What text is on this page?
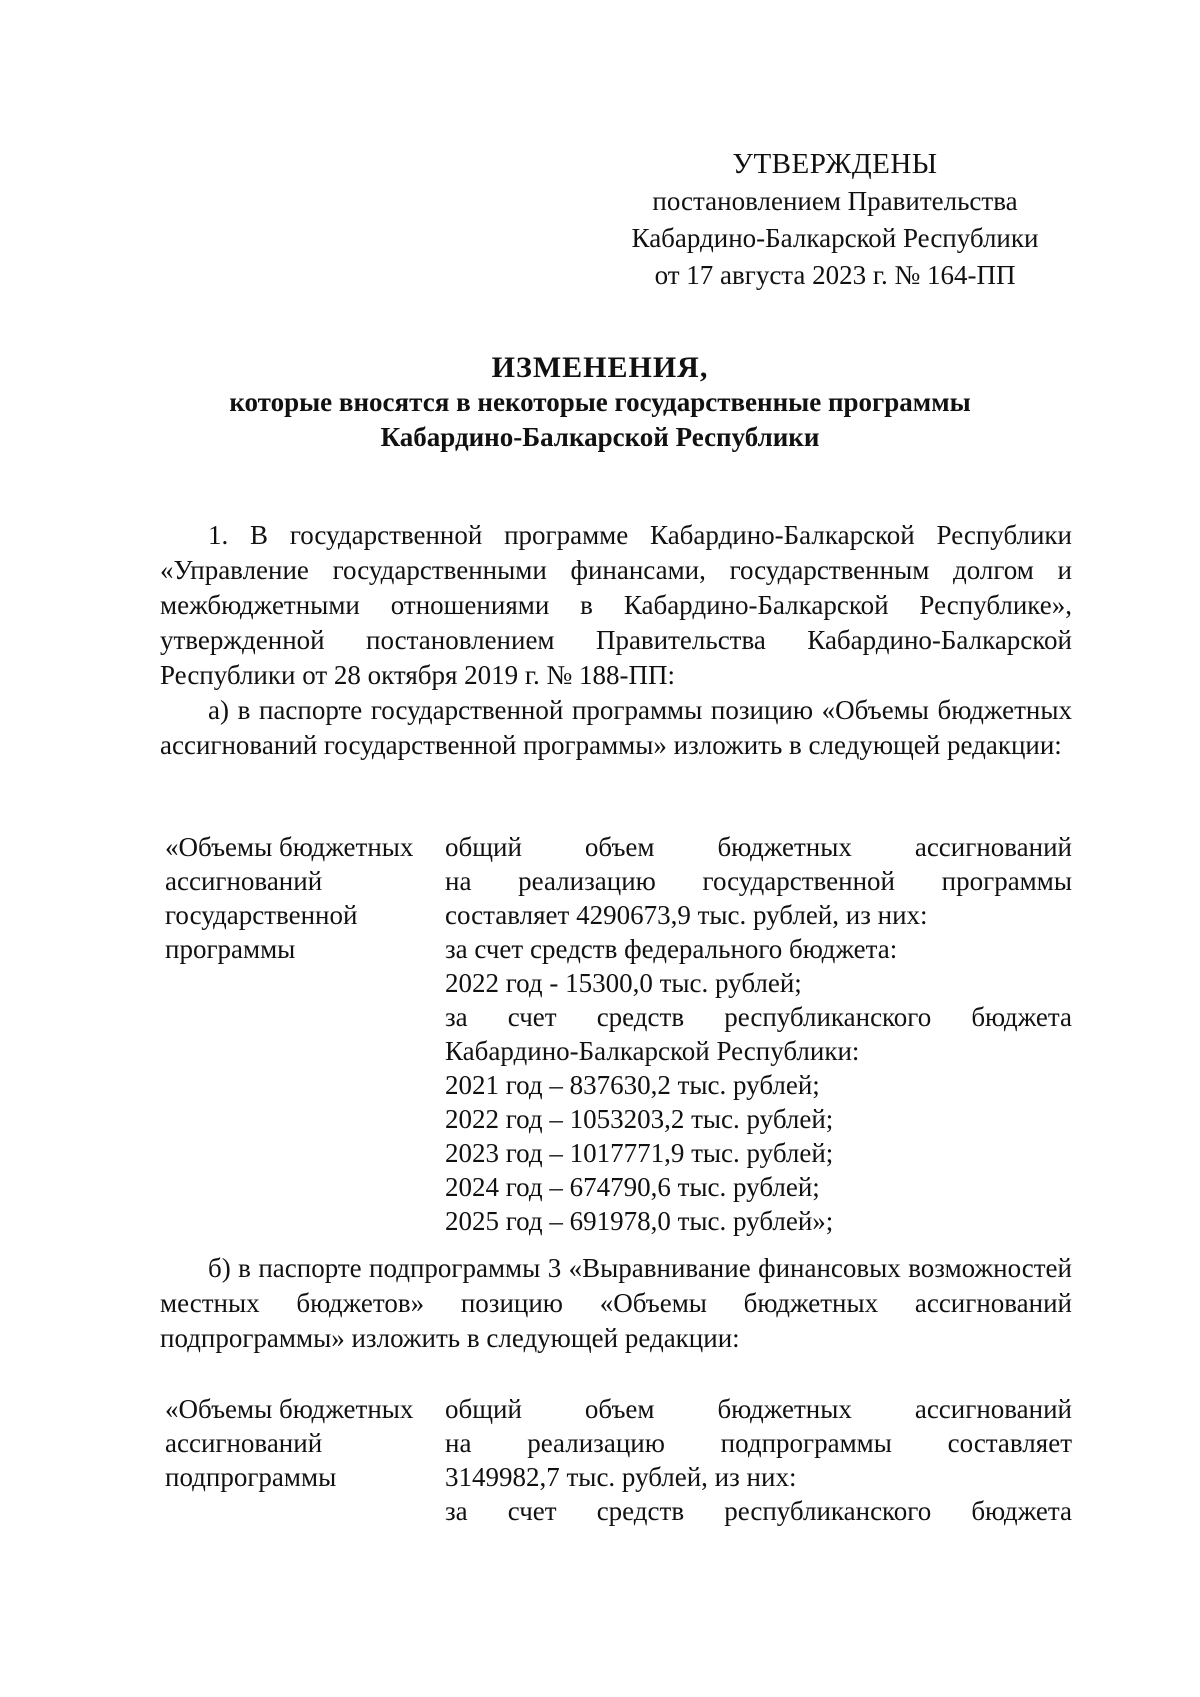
УТВЕРЖДЕНЫ
постановлением Правительства
Кабардино-Балкарской Республики
от 17 августа 2023 г. № 164-ПП
ИЗМЕНЕНИЯ,
которые вносятся в некоторые государственные программы
Кабардино-Балкарской Республики

1. В государственной программе Кабардино-Балкарской Республики «Управление государственными финансами, государственным долгом и межбюджетными отношениями в Кабардино-Балкарской Республике», утвержденной постановлением Правительства Кабардино-Балкарской Республики от 28 октября 2019 г. № 188-ПП:

а) в паспорте государственной программы позицию «Объемы бюджетных ассигнований государственной программы» изложить в следующей редакции:

«Объемы бюджетных
ассигнований
государственной
программы
общий объем бюджетных ассигнований
на реализацию государственной программы
составляет 4290673,9 тыс. рублей, из них:
за счет средств федерального бюджета:
2022 год - 15300,0 тыс. рублей;
за счет средств республиканского бюджета
Кабардино-Балкарской Республики:
2021 год – 837630,2 тыс. рублей;
2022 год – 1053203,2 тыс. рублей;
2023 год – 1017771,9 тыс. рублей;
2024 год – 674790,6 тыс. рублей;
2025 год – 691978,0 тыс. рублей»;

б) в паспорте подпрограммы 3 «Выравнивание финансовых возможностей местных бюджетов» позицию «Объемы бюджетных ассигнований подпрограммы» изложить в следующей редакции:

«Объемы бюджетных
ассигнований
подпрограммы
общий объем бюджетных ассигнований
на реализацию подпрограммы составляет
3149982,7 тыс. рублей, из них:
за счет средств республиканского бюджета
